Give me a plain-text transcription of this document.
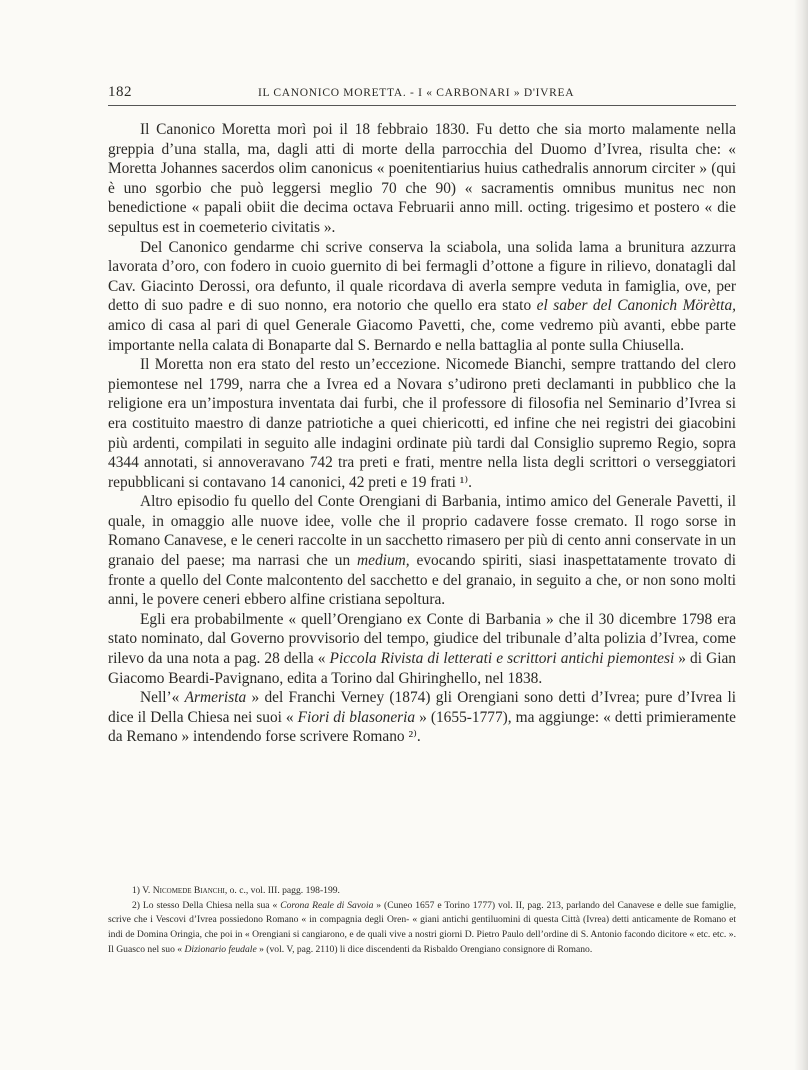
182	IL CANONICO MORETTA. - I « CARBONARI » D'IVREA

Il Canonico Moretta morì poi il 18 febbraio 1830. Fu detto che sia morto malamente nella greppia d’una stalla, ma, dagli atti di morte della parrocchia del Duomo d’Ivrea, risulta che: « Moretta Johannes sacerdos olim canonicus « poenitentiarius huius cathedralis annorum circiter » (qui è uno sgorbio che può leggersi meglio 70 che 90) « sacramentis omnibus munitus nec non benedictione « papali obiit die decima octava Februarii anno mill. octing. trigesimo et postero « die sepultus est in coemeterio civitatis ».

Del Canonico gendarme chi scrive conserva la sciabola, una solida lama a brunitura azzurra lavorata d’oro, con fodero in cuoio guernito di bei fermagli d’ottone a figure in rilievo, donatagli dal Cav. Giacinto Derossi, ora defunto, il quale ricordava di averla sempre veduta in famiglia, ove, per detto di suo padre e di suo nonno, era notorio che quello era stato el saber del Canonich Mörètta, amico di casa al pari di quel Generale Giacomo Pavetti, che, come vedremo più avanti, ebbe parte importante nella calata di Bonaparte dal S. Bernardo e nella battaglia al ponte sulla Chiusella.

Il Moretta non era stato del resto un’eccezione. Nicomede Bianchi, sempre trattando del clero piemontese nel 1799, narra che a Ivrea ed a Novara s’udirono preti declamanti in pubblico che la religione era un’impostura inventata dai furbi, che il professore di filosofia nel Seminario d’Ivrea si era costituito maestro di danze patriotiche a quei chiericotti, ed infine che nei registri dei giacobini più ardenti, compilati in seguito alle indagini ordinate più tardi dal Consiglio supremo Regio, sopra 4344 annotati, si annoveravano 742 tra preti e frati, mentre nella lista degli scrittori o verseggiatori repubblicani si contavano 14 canonici, 42 preti e 19 frati ¹⁾.

Altro episodio fu quello del Conte Orengiani di Barbania, intimo amico del Generale Pavetti, il quale, in omaggio alle nuove idee, volle che il proprio cadavere fosse cremato. Il rogo sorse in Romano Canavese, e le ceneri raccolte in un sacchetto rimasero per più di cento anni conservate in un granaio del paese; ma narrasi che un medium, evocando spiriti, siasi inaspettatamente trovato di fronte a quello del Conte malcontento del sacchetto e del granaio, in seguito a che, or non sono molti anni, le povere ceneri ebbero alfine cristiana sepoltura.

Egli era probabilmente « quell’Orengiano ex Conte di Barbania » che il 30 dicembre 1798 era stato nominato, dal Governo provvisorio del tempo, giudice del tribunale d’alta polizia d’Ivrea, come rilevo da una nota a pag. 28 della « Piccola Rivista di letterati e scrittori antichi piemontesi » di Gian Giacomo Beardi-Pavignano, edita a Torino dal Ghiringhello, nel 1838.

Nell’« Armerista » del Franchi Verney (1874) gli Orengiani sono detti d’Ivrea; pure d’Ivrea li dice il Della Chiesa nei suoi « Fiori di blasoneria » (1655-1777), ma aggiunge: « detti primieramente da Remano » intendendo forse scrivere Romano ²⁾.

1) V. Nicomede Bianchi, o. c., vol. III. pagg. 198-199.

2) Lo stesso Della Chiesa nella sua « Corona Reale di Savoia » (Cuneo 1657 e Torino 1777) vol. II, pag. 213, parlando del Canavese e delle sue famiglie, scrive che i Vescovi d’Ivrea possiedono Romano « in compagnia degli Oren- « giani antichi gentiluomini di questa Città (Ivrea) detti anticamente de Romano et indi de Domina Oringia, che poi in « Orengiani si cangiarono, e de quali vive a nostri giorni D. Pietro Paulo dell’ordine di S. Antonio facondo dicitore « etc. etc. ». Il Guasco nel suo « Dizionario feudale » (vol. V, pag. 2110) li dice discendenti da Risbaldo Orengiano consignore di Romano.
